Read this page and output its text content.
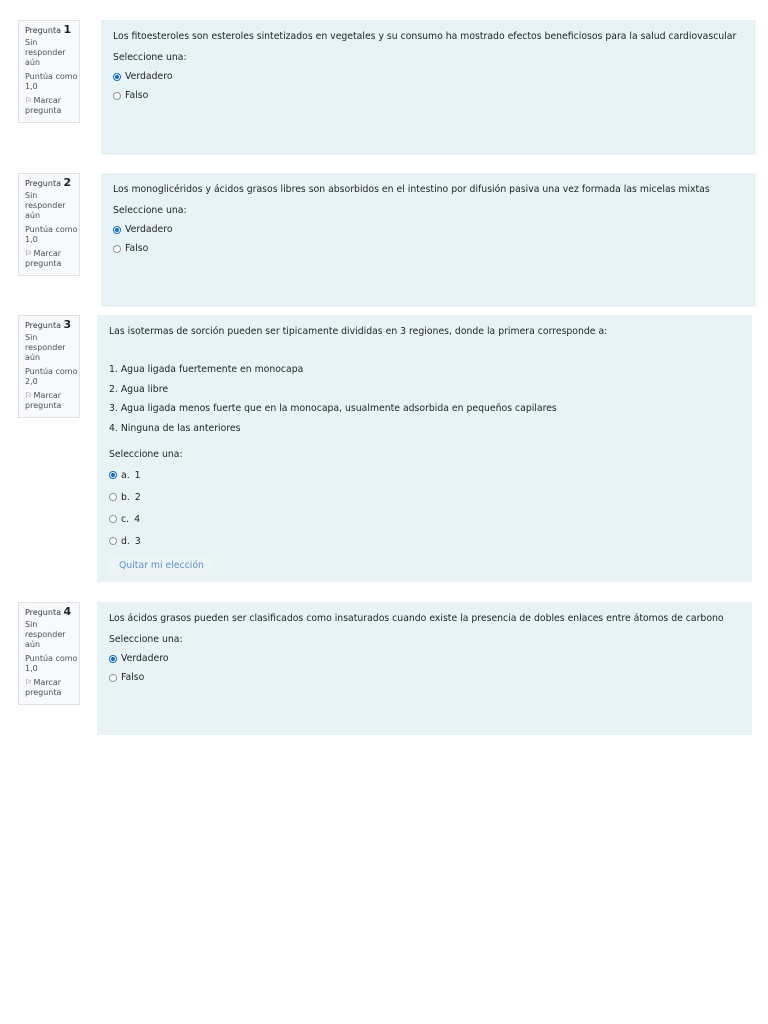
Pregunta 1
Sin responder aún
Puntúa como 1,0
⚐ Marcar pregunta
Los fitoesteroles son esteroles sintetizados en vegetales y su consumo ha mostrado efectos beneficiosos para la salud cardiovascular
Seleccione una:
Verdadero
Falso
Pregunta 2
Sin responder aún
Puntúa como 1,0
⚐ Marcar pregunta
Los monoglicéridos y ácidos grasos libres son absorbidos en el intestino por difusión pasiva una vez formada las micelas mixtas
Seleccione una:
Verdadero
Falso
Pregunta 3
Sin responder aún
Puntúa como 2,0
⚐ Marcar pregunta
Las isotermas de sorción pueden ser tipicamente divididas en 3 regiones, donde la primera corresponde a:
1. Agua ligada fuertemente en monocapa
2. Agua libre
3. Agua ligada menos fuerte que en la monocapa, usualmente adsorbida en pequeños capilares
4. Ninguna de las anteriores
Seleccione una:
a. 1
b. 2
c. 4
d. 3
Quitar mi elección
Pregunta 4
Sin responder aún
Puntúa como 1,0
⚐ Marcar pregunta
Los ácidos grasos pueden ser clasificados como insaturados cuando existe la presencia de dobles enlaces entre átomos de carbono
Seleccione una:
Verdadero
Falso
